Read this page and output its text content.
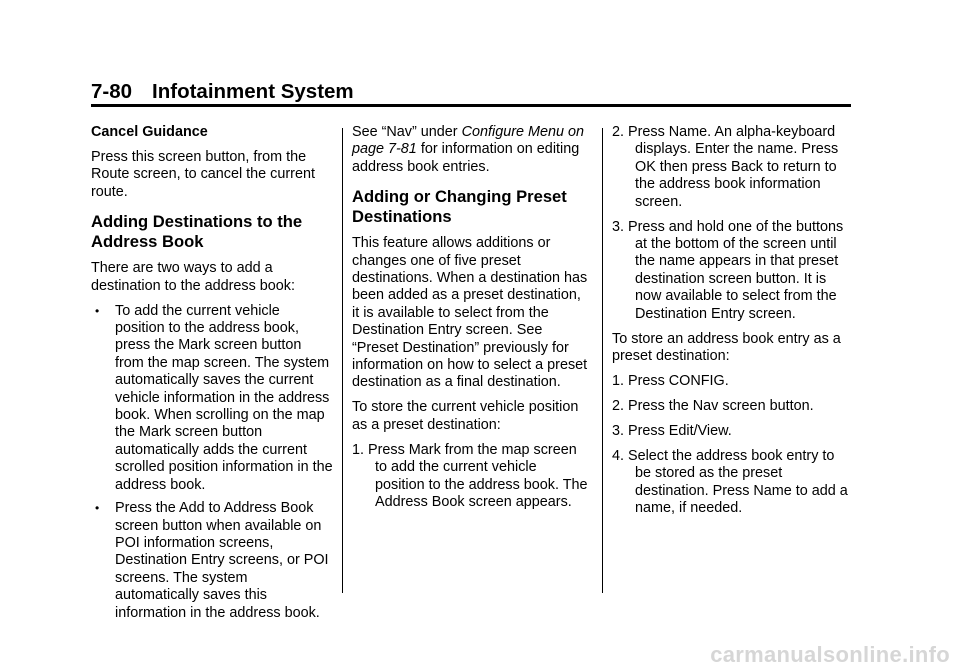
7-80 Infotainment System

Cancel Guidance

Press this screen button, from the Route screen, to cancel the current route.

Adding Destinations to the Address Book

There are two ways to add a destination to the address book:

• To add the current vehicle position to the address book, press the Mark screen button from the map screen. The system automatically saves the current vehicle information in the address book. When scrolling on the map the Mark screen button automatically adds the current scrolled position information in the address book.
• Press the Add to Address Book screen button when available on POI information screens, Destination Entry screens, or POI screens. The system automatically saves this information in the address book.

See “Nav” under Configure Menu on page 7-81 for information on editing address book entries.

Adding or Changing Preset Destinations

This feature allows additions or changes one of five preset destinations. When a destination has been added as a preset destination, it is available to select from the Destination Entry screen. See “Preset Destination” previously for information on how to select a preset destination as a final destination.

To store the current vehicle position as a preset destination:

1. Press Mark from the map screen to add the current vehicle position to the address book. The Address Book screen appears.

2. Press Name. An alpha-keyboard displays. Enter the name. Press OK then press Back to return to the address book information screen.

3. Press and hold one of the buttons at the bottom of the screen until the name appears in that preset destination screen button. It is now available to select from the Destination Entry screen.

To store an address book entry as a preset destination:

1. Press CONFIG.

2. Press the Nav screen button.

3. Press Edit/View.

4. Select the address book entry to be stored as the preset destination. Press Name to add a name, if needed.

carmanualsonline.info
